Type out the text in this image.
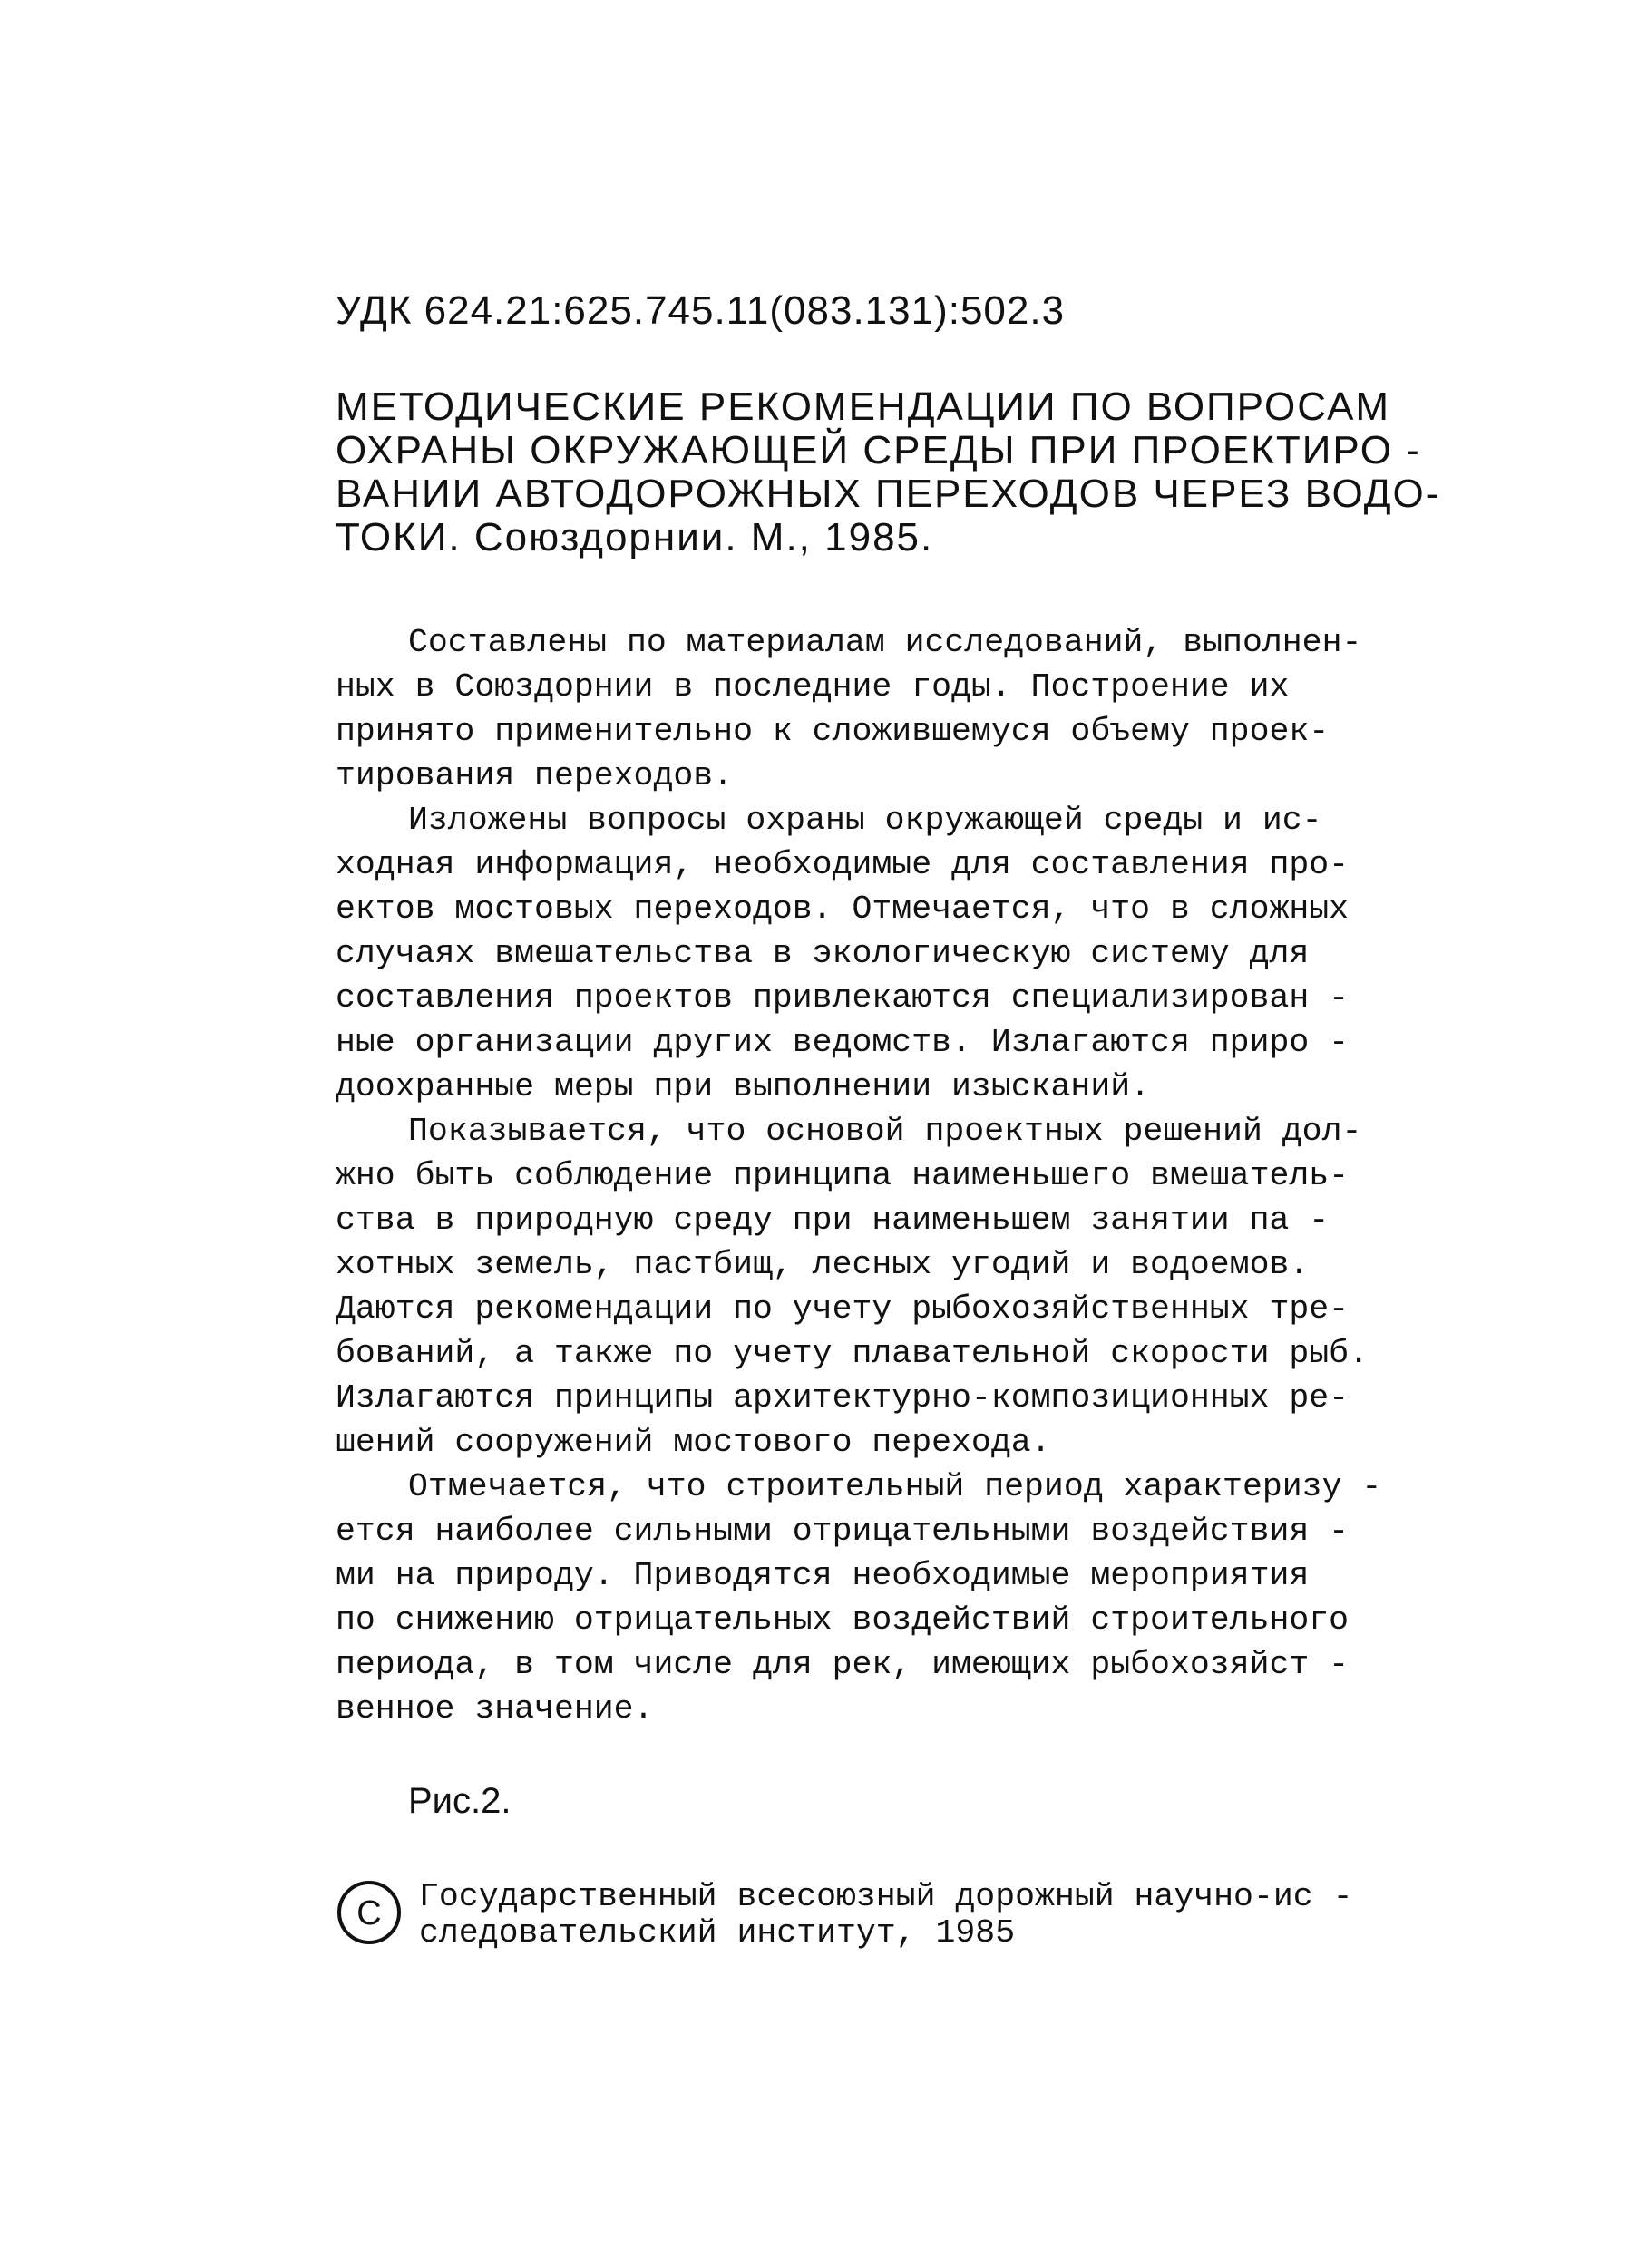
УДК 624.21:625.745.11(083.131):502.3
МЕТОДИЧЕСКИЕ РЕКОМЕНДАЦИИ ПО ВОПРОСАМ
ОХРАНЫ ОКРУЖАЮЩЕЙ СРЕДЫ ПРИ ПРОЕКТИРО -
ВАНИИ АВТОДОРОЖНЫХ ПЕРЕХОДОВ ЧЕРЕЗ ВОДО-
ТОКИ. Союздорнии. М., 1985.
Составлены по материалам исследований, выполнен-
ных в Союздорнии в последние годы. Построение их
принято применительно к сложившемуся объему проек-
тирования переходов.
Изложены вопросы охраны окружающей среды и ис-
ходная информация, необходимые для составления про-
ектов мостовых переходов. Отмечается, что в сложных
случаях вмешательства в экологическую систему для
составления проектов привлекаются специализирован -
ные организации других ведомств. Излагаются приро -
доохранные меры при выполнении изысканий.
Показывается, что основой проектных решений дол-
жно быть соблюдение принципа наименьшего вмешатель-
ства в природную среду при наименьшем занятии па -
хотных земель, пастбищ, лесных угодий и водоемов.
Даются рекомендации по учету рыбохозяйственных тре-
бований, а также по учету плавательной скорости рыб.
Излагаются принципы архитектурно-композиционных ре-
шений сооружений мостового перехода.
Отмечается, что строительный период характеризу -
ется наиболее сильными отрицательными воздействия -
ми на природу. Приводятся необходимые мероприятия
по снижению отрицательных воздействий строительного
периода, в том числе для рек, имеющих рыбохозяйст -
венное значение.
Рис.2.
C Государственный всесоюзный дорожный научно-ис -
следовательский институт, 1985
